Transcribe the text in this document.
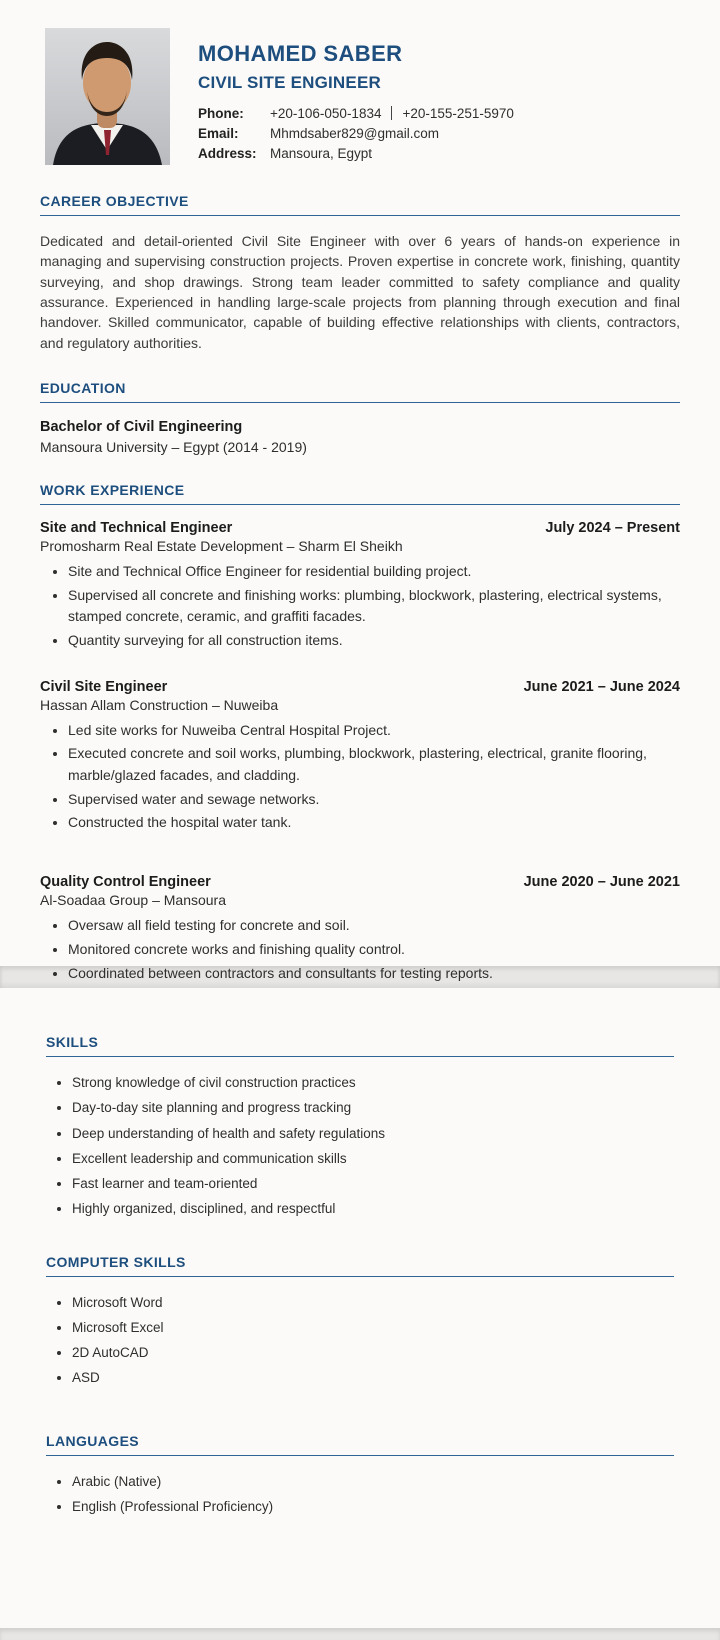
MOHAMED SABER
CIVIL SITE ENGINEER
Phone:	+20-106-050-1834 +20-155-251-5970
Email:	Mhmdsaber829@gmail.com
Address: Mansoura, Egypt
CAREER OBJECTIVE
Dedicated and detail-oriented Civil Site Engineer with over 6 years of hands-on experience in managing and supervising construction projects. Proven expertise in concrete work, finishing, quantity surveying, and shop drawings. Strong team leader committed to safety compliance and quality assurance. Experienced in handling large-scale projects from planning through execution and final handover. Skilled communicator, capable of building effective relationships with clients, contractors, and regulatory authorities.
EDUCATION
Bachelor of Civil Engineering
Mansoura University – Egypt (2014 - 2019)
WORK EXPERIENCE
Site and Technical Engineer	July 2024 – Present
Promosharm Real Estate Development – Sharm El Sheikh
• Site and Technical Office Engineer for residential building project.
• Supervised all concrete and finishing works: plumbing, blockwork, plastering, electrical systems, stamped concrete, ceramic, and graffiti facades.
• Quantity surveying for all construction items.
Civil Site Engineer	June 2021 – June 2024
Hassan Allam Construction – Nuweiba
• Led site works for Nuweiba Central Hospital Project.
• Executed concrete and soil works, plumbing, blockwork, plastering, electrical, granite flooring, marble/glazed facades, and cladding.
• Supervised water and sewage networks.
• Constructed the hospital water tank.
Quality Control Engineer	June 2020 – June 2021
Al-Soadaa Group – Mansoura
• Oversaw all field testing for concrete and soil.
• Monitored concrete works and finishing quality control.
• Coordinated between contractors and consultants for testing reports.
SKILLS
• Strong knowledge of civil construction practices
• Day-to-day site planning and progress tracking
• Deep understanding of health and safety regulations
• Excellent leadership and communication skills
• Fast learner and team-oriented
• Highly organized, disciplined, and respectful
COMPUTER SKILLS
• Microsoft Word
• Microsoft Excel
• 2D AutoCAD
• ASD
LANGUAGES
• Arabic (Native)
• English (Professional Proficiency)
